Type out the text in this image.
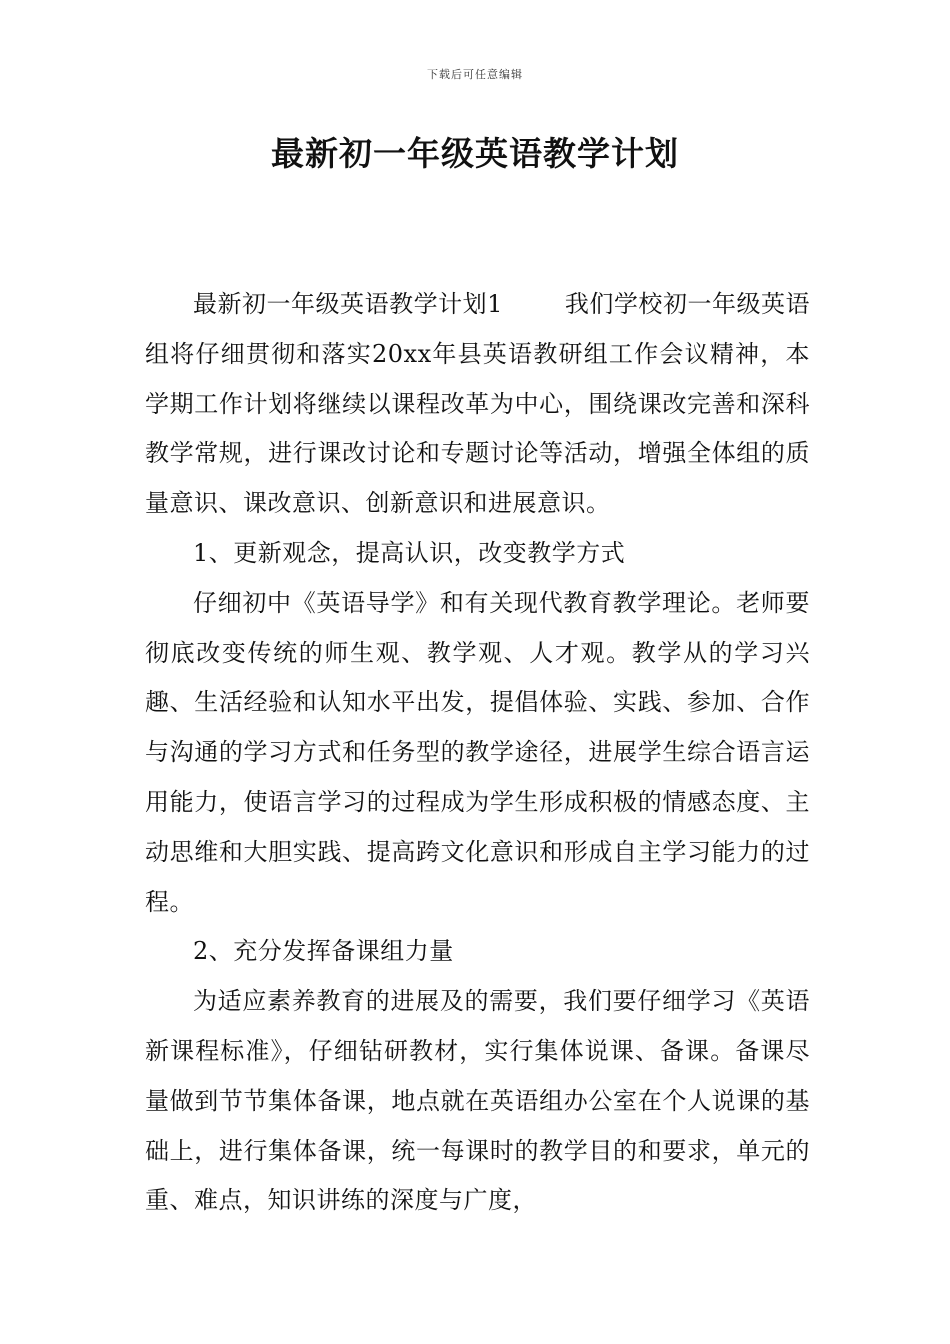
下载后可任意编辑
最新初一年级英语教学计划

最新初一年级英语教学计划1	我们学校初一年级英语组将仔细贯彻和落实20xx年县英语教研组工作会议精神，本学期工作计划将继续以课程改革为中心，围绕课改完善和深科教学常规，进行课改讨论和专题讨论等活动，增强全体组的质量意识、课改意识、创新意识和进展意识。

1、更新观念，提高认识，改变教学方式

仔细初中《英语导学》和有关现代教育教学理论。老师要彻底改变传统的师生观、教学观、人才观。教学从的学习兴趣、生活经验和认知水平出发，提倡体验、实践、参加、合作与沟通的学习方式和任务型的教学途径，进展学生综合语言运用能力，使语言学习的过程成为学生形成积极的情感态度、主动思维和大胆实践、提高跨文化意识和形成自主学习能力的过程。

2、充分发挥备课组力量

为适应素养教育的进展及的需要，我们要仔细学习《英语新课程标准》，仔细钻研教材，实行集体说课、备课。备课尽量做到节节集体备课，地点就在英语组办公室在个人说课的基础上，进行集体备课，统一每课时的教学目的和要求，单元的重、难点，知识讲练的深度与广度，
